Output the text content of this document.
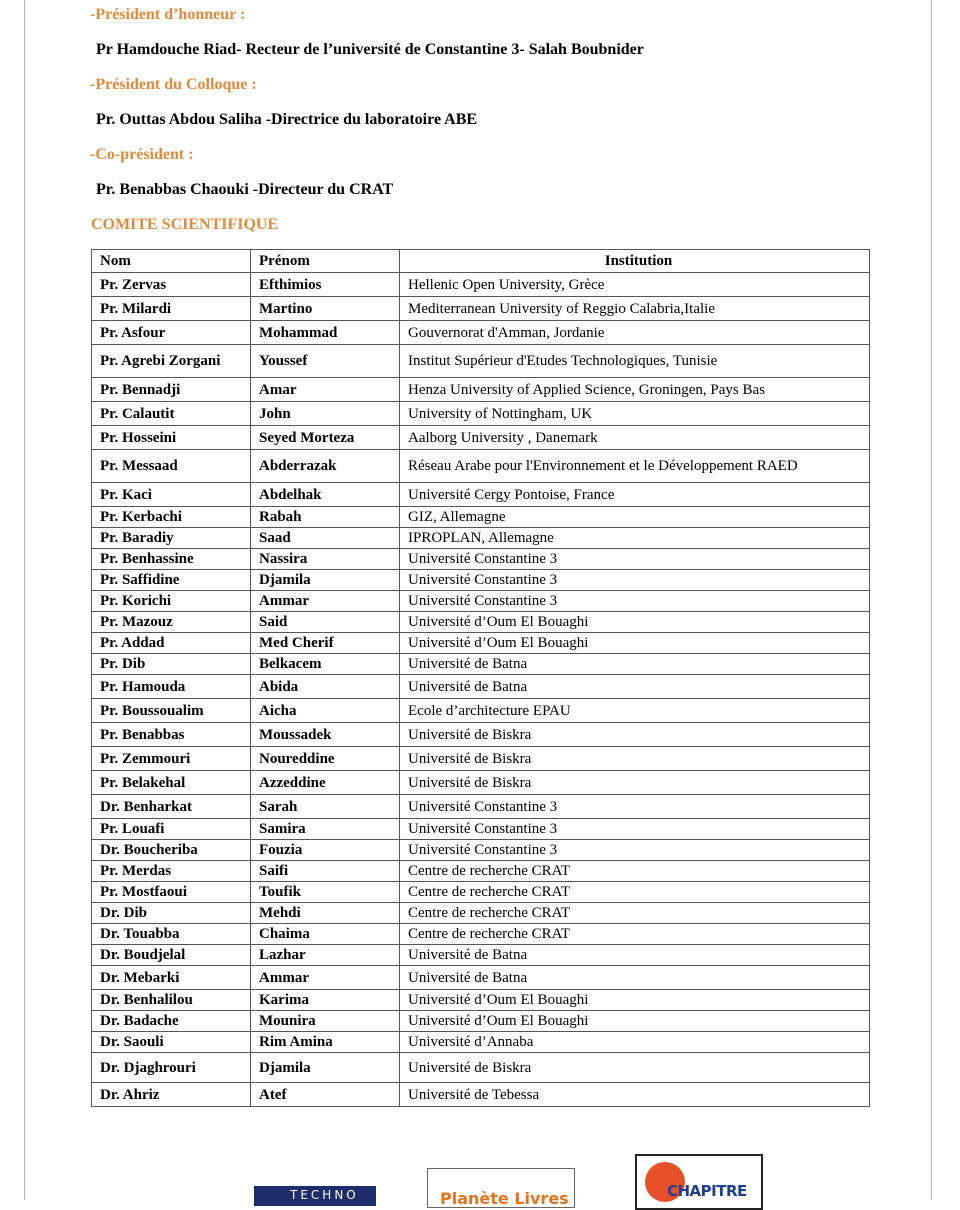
-Président d’honneur :
Pr Hamdouche Riad- Recteur de l’université de Constantine 3- Salah Boubnider
-Président du Colloque :
Pr. Outtas Abdou Saliha -Directrice du laboratoire ABE
-Co-président :
Pr. Benabbas Chaouki -Directeur du CRAT
COMITE SCIENTIFIQUE
Nom	Prénom	Institution
Pr. Zervas	Efthimios	Hellenic Open University, Grèce
Pr. Milardi	Martino	Mediterranean University of Reggio Calabria,Italie
Pr. Asfour	Mohammad	Gouvernorat d'Amman, Jordanie
Pr. Agrebi Zorgani	Youssef	Institut Supérieur d'Etudes Technologiques, Tunisie
Pr. Bennadji	Amar	Henza University of Applied Science, Groningen, Pays Bas
Pr. Calautit	John	University of Nottingham, UK
Pr. Hosseini	Seyed Morteza	Aalborg University , Danemark
Pr. Messaad	Abderrazak	Réseau Arabe pour l'Environnement et le Développement RAED
Pr. Kaci	Abdelhak	Université Cergy Pontoise, France
Pr. Kerbachi	Rabah	GIZ, Allemagne
Pr. Baradiy	Saad	IPROPLAN, Allemagne
Pr. Benhassine	Nassira	Université Constantine 3
Pr. Saffidine	Djamila	Université Constantine 3
Pr. Korichi	Ammar	Université Constantine 3
Pr. Mazouz	Said	Université d’Oum El Bouaghi
Pr. Addad	Med Cherif	Université d’Oum El Bouaghi
Pr. Dib	Belkacem	Université de Batna
Pr. Hamouda	Abida	Université de Batna
Pr. Boussoualim	Aicha	Ecole d’architecture EPAU
Pr. Benabbas	Moussadek	Université de Biskra
Pr. Zemmouri	Noureddine	Université de Biskra
Pr. Belakehal	Azzeddine	Université de Biskra
Dr. Benharkat	Sarah	Université Constantine 3
Pr. Louafi	Samira	Université Constantine 3
Dr. Boucheriba	Fouzia	Université Constantine 3
Pr. Merdas	Saifi	Centre de recherche CRAT
Pr. Mostfaoui	Toufik	Centre de recherche CRAT
Dr. Dib	Mehdi	Centre de recherche CRAT
Dr. Touabba	Chaima	Centre de recherche CRAT
Dr. Boudjelal	Lazhar	Université de Batna
Dr. Mebarki	Ammar	Université de Batna
Dr. Benhalilou	Karima	Université d’Oum El Bouaghi
Dr. Badache	Mounira	Université d’Oum El Bouaghi
Dr. Saouli	Rim Amina	Université d’Annaba
Dr. Djaghrouri	Djamila	Université de Biskra
Dr. Ahriz	Atef	Université de Tebessa
TECHNO	Planète Livres	CHAPITRE
